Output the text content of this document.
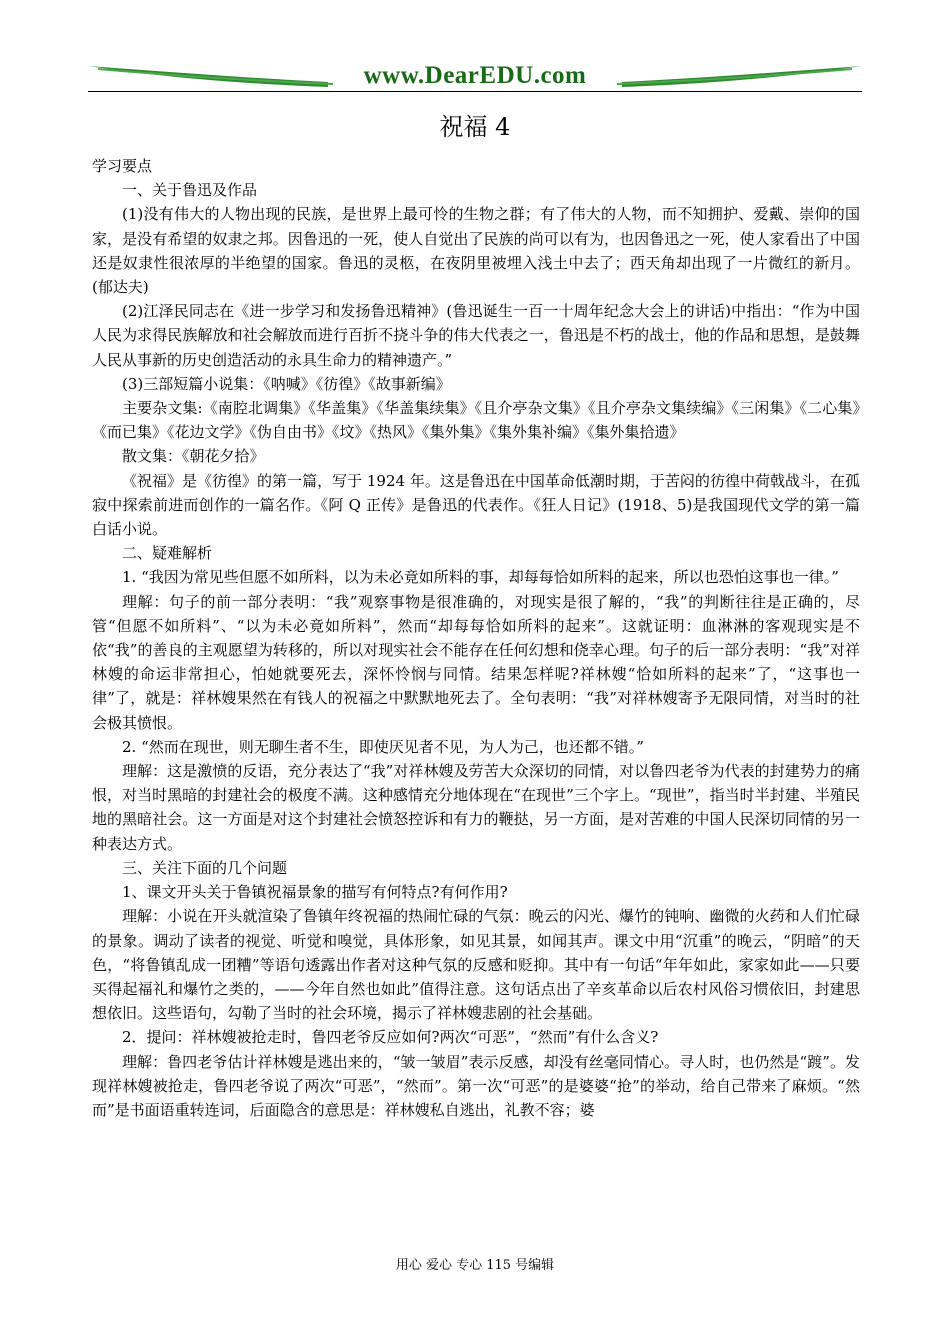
www.DearEDU.com
祝福 4

学习要点

一、关于鲁迅及作品

(1)没有伟大的人物出现的民族，是世界上最可怜的生物之群；有了伟大的人物，而不知拥护、爱戴、崇仰的国家，是没有希望的奴隶之邦。因鲁迅的一死，使人自觉出了民族的尚可以有为，也因鲁迅之一死，使人家看出了中国还是奴隶性很浓厚的半绝望的国家。鲁迅的灵柩，在夜阴里被埋入浅土中去了；西天角却出现了一片微红的新月。(郁达夫)

(2)江泽民同志在《进一步学习和发扬鲁迅精神》(鲁迅诞生一百一十周年纪念大会上的讲话)中指出：“作为中国人民为求得民族解放和社会解放而进行百折不挠斗争的伟大代表之一，鲁迅是不朽的战士，他的作品和思想，是鼓舞人民从事新的历史创造活动的永具生命力的精神遗产。”

(3)三部短篇小说集：《呐喊》《彷徨》《故事新编》

主要杂文集:《南腔北调集》《华盖集》《华盖集续集》《且介亭杂文集》《且介亭杂文集续编》《三闲集》《二心集》《而已集》《花边文学》《伪自由书》《坟》《热风》《集外集》《集外集补编》《集外集拾遗》

散文集：《朝花夕拾》

《祝福》是《彷徨》的第一篇，写于 1924 年。这是鲁迅在中国革命低潮时期，于苦闷的彷徨中荷戟战斗，在孤寂中探索前进而创作的一篇名作。《阿 Q 正传》是鲁迅的代表作。《狂人日记》(1918、5)是我国现代文学的第一篇白话小说。

二、疑难解析

1. “我因为常见些但愿不如所料，以为未必竟如所料的事，却每每恰如所料的起来，所以也恐怕这事也一律。”

理解：句子的前一部分表明：“我”观察事物是很准确的，对现实是很了解的，“我”的判断往往是正确的，尽管“但愿不如所料”、“以为未必竟如所料”，然而“却每每恰如所料的起来”。这就证明：血淋淋的客观现实是不依“我”的善良的主观愿望为转移的，所以对现实社会不能存在任何幻想和侥幸心理。句子的后一部分表明：“我”对祥林嫂的命运非常担心，怕她就要死去，深怀怜悯与同情。结果怎样呢?祥林嫂“恰如所料的起来”了，“这事也一律”了，就是：祥林嫂果然在有钱人的祝福之中默默地死去了。全句表明：“我”对祥林嫂寄予无限同情，对当时的社会极其愤恨。

2. “然而在现世，则无聊生者不生，即使厌见者不见，为人为己，也还都不错。”

理解：这是激愤的反语，充分表达了“我”对祥林嫂及劳苦大众深切的同情，对以鲁四老爷为代表的封建势力的痛恨，对当时黑暗的封建社会的极度不满。这种感情充分地体现在“在现世”三个字上。“现世”，指当时半封建、半殖民地的黑暗社会。这一方面是对这个封建社会愤怒控诉和有力的鞭挞，另一方面，是对苦难的中国人民深切同情的另一种表达方式。

三、关注下面的几个问题

1、课文开头关于鲁镇祝福景象的描写有何特点?有何作用?

理解：小说在开头就渲染了鲁镇年终祝福的热闹忙碌的气氛：晚云的闪光、爆竹的钝响、幽微的火药和人们忙碌的景象。调动了读者的视觉、听觉和嗅觉，具体形象，如见其景，如闻其声。课文中用“沉重”的晚云，“阴暗”的天色，“将鲁镇乱成一团糟”等语句透露出作者对这种气氛的反感和贬抑。其中有一句话“年年如此，家家如此——只要买得起福礼和爆竹之类的，——今年自然也如此”值得注意。这句话点出了辛亥革命以后农村风俗习惯依旧，封建思想依旧。这些语句，勾勒了当时的社会环境，揭示了祥林嫂悲剧的社会基础。

2．提问：祥林嫂被抢走时，鲁四老爷反应如何?两次“可恶”，“然而”有什么含义?

理解：鲁四老爷估计祥林嫂是逃出来的，“皱一皱眉”表示反感，却没有丝毫同情心。寻人时，也仍然是“踱”。发现祥林嫂被抢走，鲁四老爷说了两次“可恶”，“然而”。第一次“可恶”的是婆婆“抢”的举动，给自己带来了麻烦。“然而”是书面语重转连词，后面隐含的意思是：祥林嫂私自逃出，礼教不容；婆

用心 爱心 专心 115 号编辑
